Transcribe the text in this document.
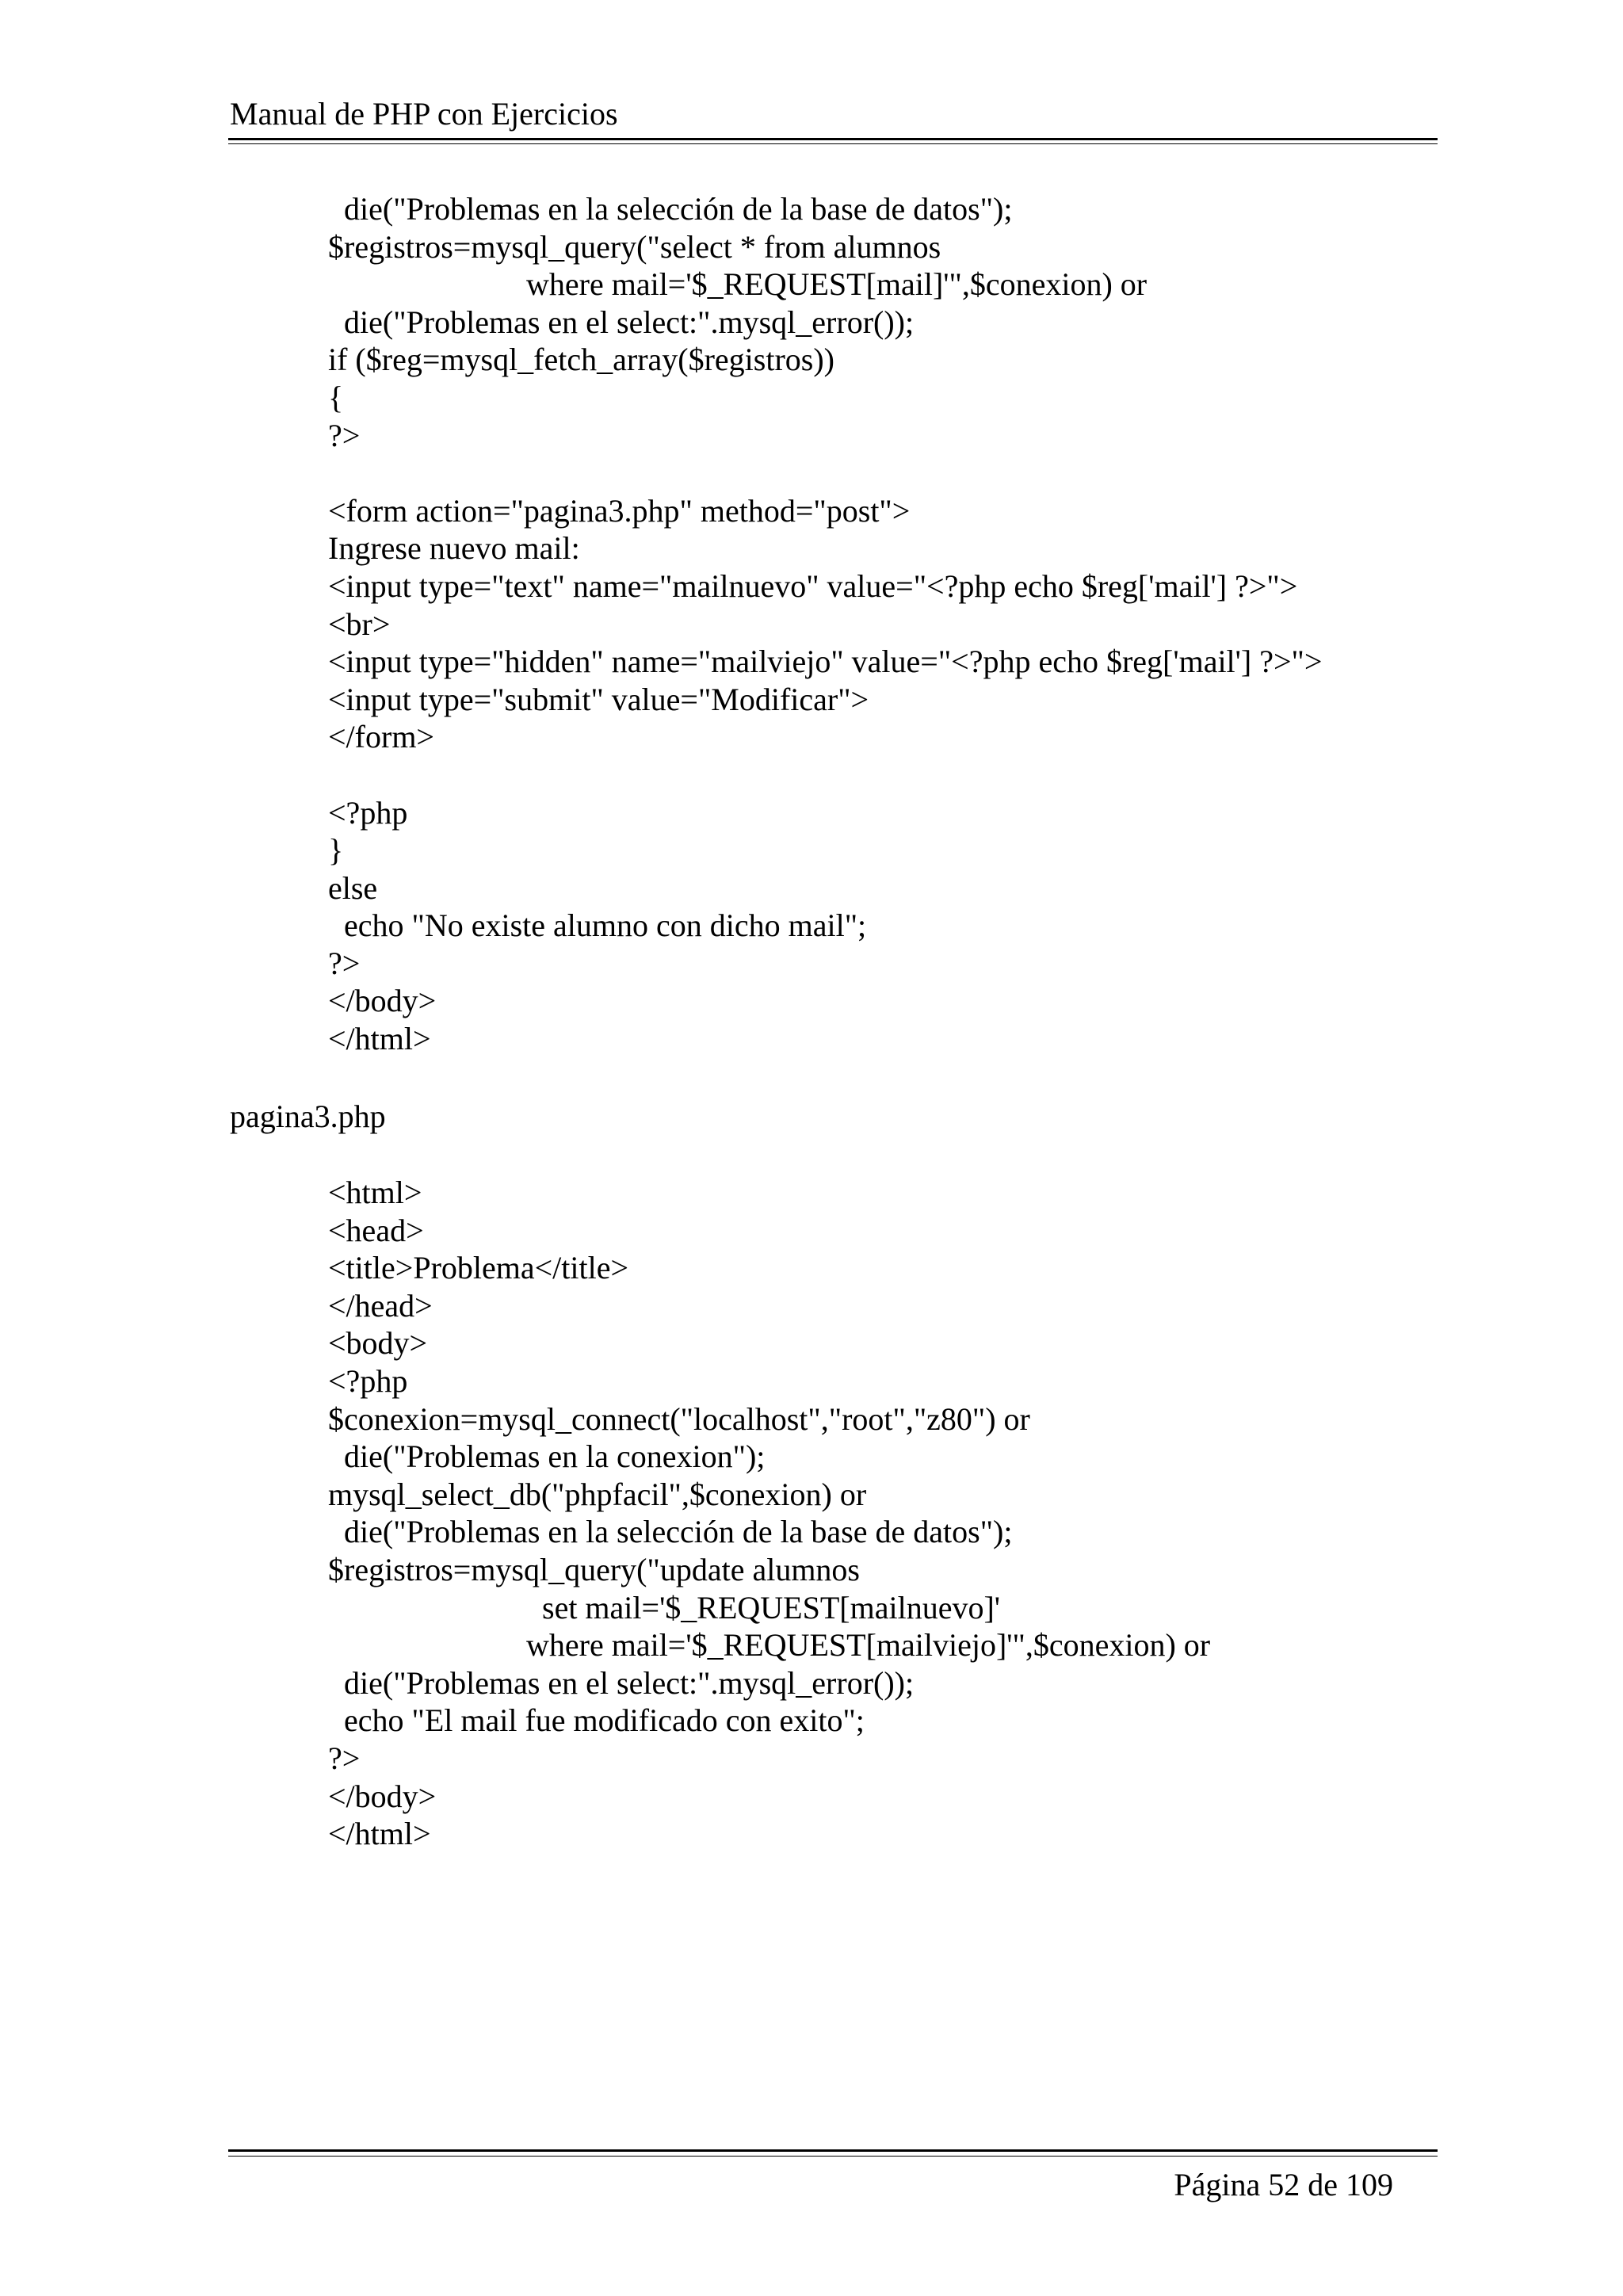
Manual de PHP con Ejercicios
die("Problemas en la selección de la base de datos");
$registros=mysql_query("select * from alumnos
where mail='$_REQUEST[mail]'",$conexion) or
die("Problemas en el select:".mysql_error());
if ($reg=mysql_fetch_array($registros))
{
?>
<form action="pagina3.php" method="post">
Ingrese nuevo mail:
<input type="text" name="mailnuevo" value="<?php echo $reg['mail'] ?>">
<br>
<input type="hidden" name="mailviejo" value="<?php echo $reg['mail'] ?>">
<input type="submit" value="Modificar">
</form>
<?php
}
else
echo "No existe alumno con dicho mail";
?>
</body>
</html>
pagina3.php
<html>
<head>
<title>Problema</title>
</head>
<body>
<?php
$conexion=mysql_connect("localhost","root","z80") or
die("Problemas en la conexion");
mysql_select_db("phpfacil",$conexion) or
die("Problemas en la selección de la base de datos");
$registros=mysql_query("update alumnos
set mail='$_REQUEST[mailnuevo]'
where mail='$_REQUEST[mailviejo]'",$conexion) or
die("Problemas en el select:".mysql_error());
echo "El mail fue modificado con exito";
?>
</body>
</html>
Página 52 de 109
